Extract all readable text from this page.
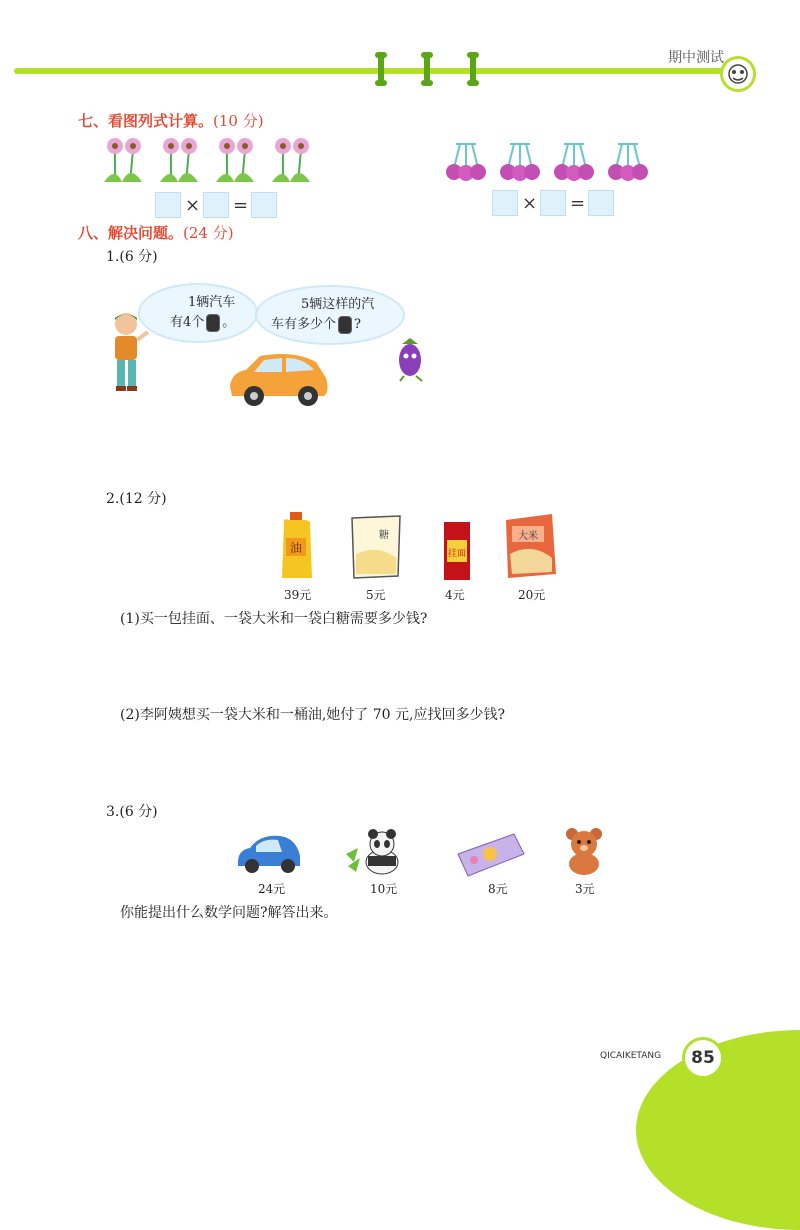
期中测试
七、看图列式计算。(10 分)
× =	× =
八、解决问题。(24 分)
1.(6 分)
1辆汽车
有4个 。
5辆这样的汽
车有多少个 ?
2.(12 分)
油
糖
挂面
大米
39元	5元	4元	20元
(1)买一包挂面、一袋大米和一袋白糖需要多少钱?
(2)李阿姨想买一袋大米和一桶油,她付了 70 元,应找回多少钱?
3.(6 分)
24元	10元	8元	3元
你能提出什么数学问题?解答出来。
QICAIKETANG	85
